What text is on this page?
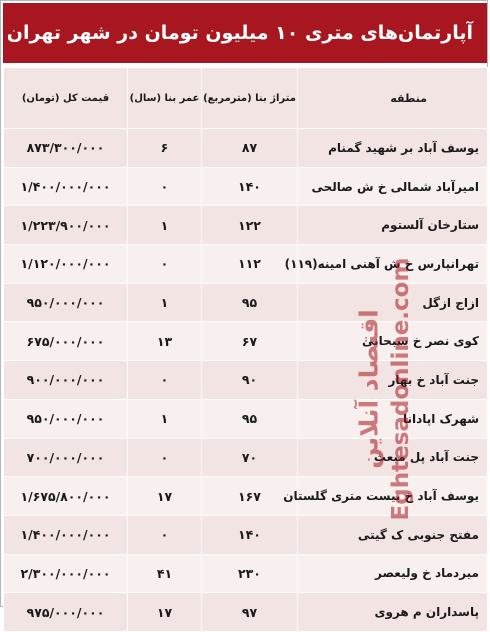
آپارتمان‌های متری ۱۰ میلیون تومان در شهر تهران
منطقه	متراژ بنا (مترمربع)	عمر بنا (سال)	قیمت کل (تومان)
یوسف آباد بر شهید گمنام	۸۷	۶	۸۷۳/۳۰۰/۰۰۰
امیرآباد شمالی خ ش صالحی	۱۴۰	۰	۱/۴۰۰/۰۰۰/۰۰۰
ستارخان آلستوم	۱۲۲	۱	۱/۲۲۳/۹۰۰/۰۰۰
تهرانپارس خ ش آهنی امینه(۱۱۹)	۱۱۲	۰	۱/۱۲۰/۰۰۰/۰۰۰
ازاج ازگل	۹۵	۱	۹۵۰/۰۰۰/۰۰۰
کوی نصر خ سبحانی	۶۷	۱۳	۶۷۵/۰۰۰/۰۰۰
جنت آباد خ بهار	۹۰	۰	۹۰۰/۰۰۰/۰۰۰
شهرک اپادانا	۹۵	۱	۹۵۰/۰۰۰/۰۰۰
جنت آباد پل مبعث	۷۰	۰	۷۰۰/۰۰۰/۰۰۰
یوسف آباد خ بیست متری گلستان	۱۶۷	۱۷	۱/۶۷۵/۸۰۰/۰۰۰
مفتح جنوبی ک گیتی	۱۴۰	۰	۱/۴۰۰/۰۰۰/۰۰۰
میردماد خ ولیعصر	۲۳۰	۴۱	۲/۳۰۰/۰۰۰/۰۰۰
پاسداران م هروی	۹۷	۱۷	۹۷۵/۰۰۰/۰۰۰
اقتصاد آنلاین Eghtesadonline.com
